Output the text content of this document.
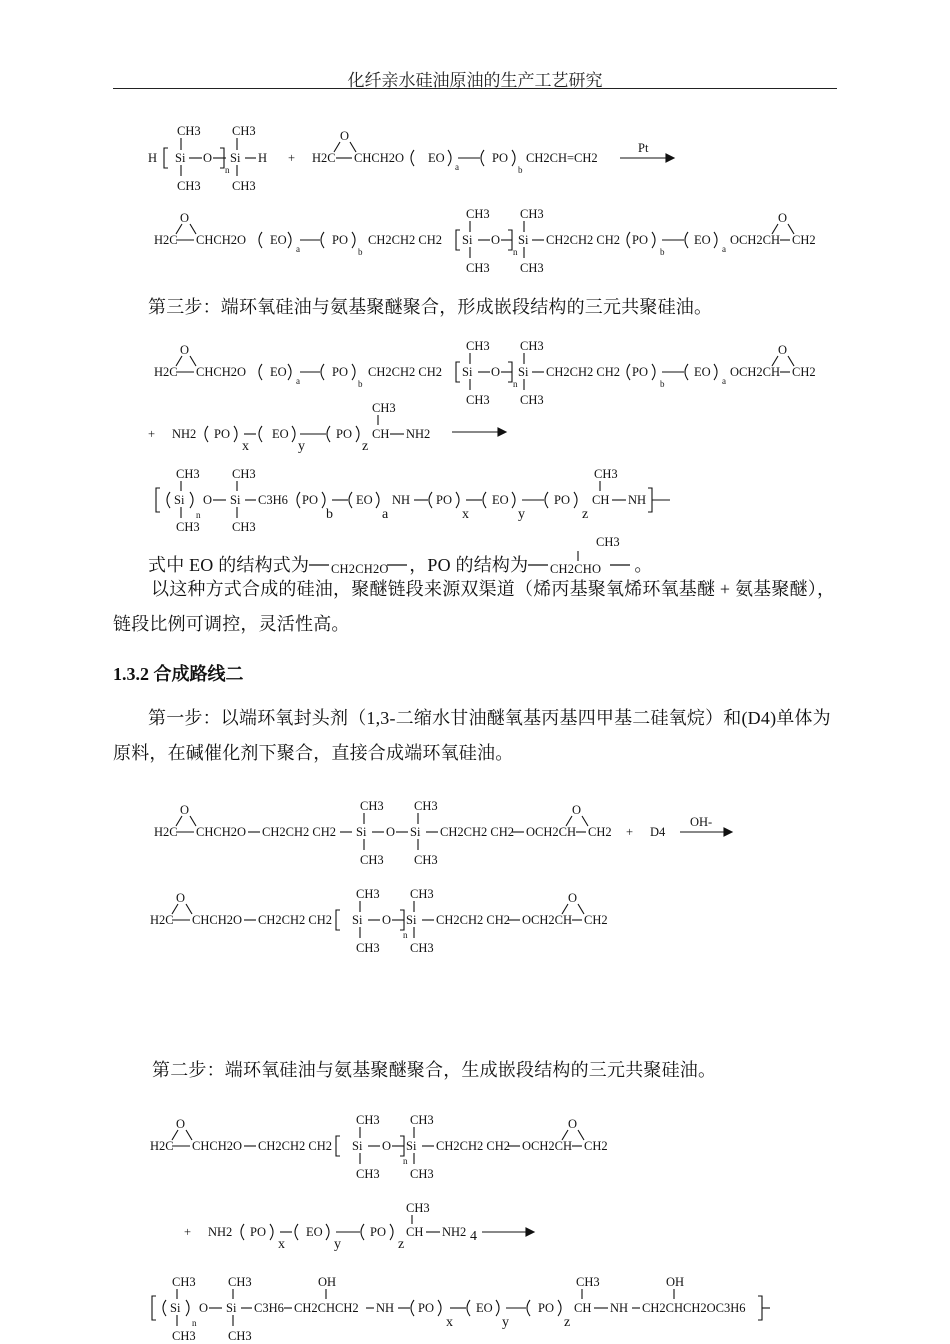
化纤亲水硅油原油的生产工艺研究
H
CH3
Si
CH3
O
n
CH3
Si
CH3
H +
O
H2C CHCH2O EO
a
PO
b
CH2CH=CH2
Pt
O
H2C CHCH2O EO
a
PO
b
CH2CH2 CH2
CH3
Si
CH3
O
n
CH3
Si
CH3
CH2CH2 CH2 PO
b
EO
a
OCH2CH CH2
O
第三步：端环氧硅油与氨基聚醚聚合，形成嵌段结构的三元共聚硅油。
O
H2C CHCH2O EO
a
PO
b
CH2CH2 CH2
CH3
Si
CH3
O
n
CH3
Si
CH3
CH2CH2 CH2 PO
b
EO
a
OCH2CH CH2
O
+ NH2 PO
x
EO
y
PO
z
CH3
CH NH2
CH3
Si
CH3
n
O
CH3
Si
CH3
C3H6 PO
b
EO
a
NH PO
x
EO
y
PO
z
CH3
CH NH
式中 EO 的结构式为 CH2CH2O ，PO 的结构为 CH2CHO 。
CH3
以这种方式合成的硅油，聚醚链段来源双渠道（烯丙基聚氧烯环氧基醚 + 氨基聚醚），链段比例可调控，灵活性高。
1.3.2 合成路线二
第一步：以端环氧封头剂（1,3-二缩水甘油醚氧基丙基四甲基二硅氧烷）和(D4)单体为原料，在碱催化剂下聚合，直接合成端环氧硅油。
O
H2C CHCH2O CH2CH2 CH2
CH3
Si
CH3
O
CH3
Si
CH3
CH2CH2 CH2 OCH2CH CH2
O
+ D4
OH-
O
H2C CHCH2O CH2CH2 CH2
CH3
Si
CH3
O
n
CH3
Si
CH3
CH2CH2 CH2 OCH2CH CH2
O
第二步：端环氧硅油与氨基聚醚聚合，生成嵌段结构的三元共聚硅油。
O
H2C CHCH2O CH2CH2 CH2
CH3
Si
CH3
O
n
CH3
Si
CH3
CH2CH2 CH2 OCH2CH CH2
O
+ NH2 PO
x
EO
y
PO
z
CH3
CH NH2 4
CH3
Si
CH3
n
O
CH3
Si
CH3
C3H6
OH
CH2CHCH2 NH PO
x
EO
y
PO
z
CH3
CH NH
OH
CH2CHCH2OC3H6
